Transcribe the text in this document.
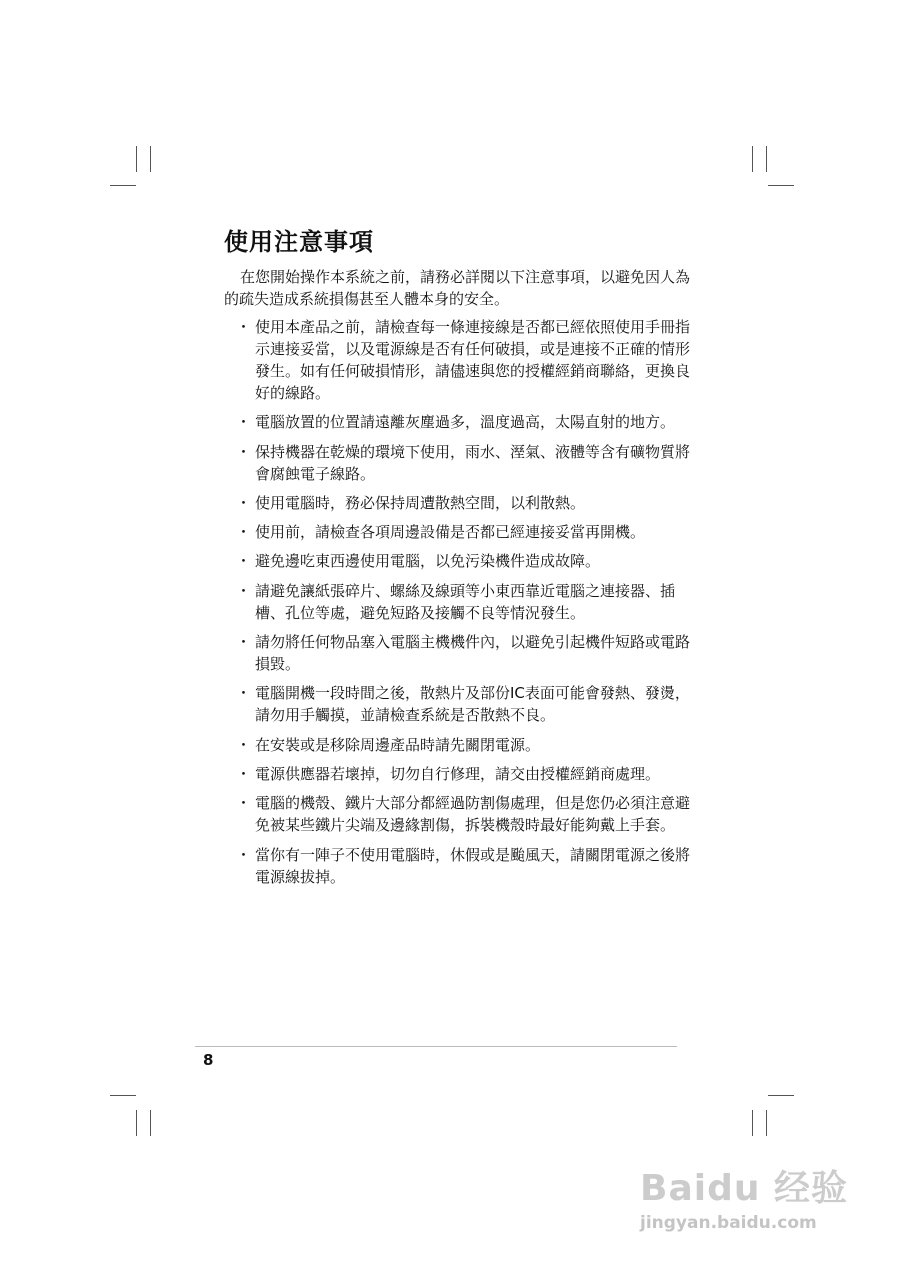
使用注意事項
在您開始操作本系統之前，請務必詳閱以下注意事項，以避免因人為
的疏失造成系統損傷甚至人體本身的安全。
・ 使用本產品之前，請檢查每一條連接線是否都已經依照使用手冊指
示連接妥當，以及電源線是否有任何破損，或是連接不正確的情形
發生。如有任何破損情形，請儘速與您的授權經銷商聯絡，更換良
好的線路。
・ 電腦放置的位置請遠離灰塵過多，溫度過高，太陽直射的地方。
・ 保持機器在乾燥的環境下使用，雨水、溼氣、液體等含有礦物質將
會腐蝕電子線路。
・ 使用電腦時，務必保持周遭散熱空間，以利散熱。
・ 使用前，請檢查各項周邊設備是否都已經連接妥當再開機。
・ 避免邊吃東西邊使用電腦，以免污染機件造成故障。
・ 請避免讓紙張碎片、螺絲及線頭等小東西靠近電腦之連接器、插
槽、孔位等處，避免短路及接觸不良等情況發生。
・ 請勿將任何物品塞入電腦主機機件內，以避免引起機件短路或電路
損毀。
・ 電腦開機一段時間之後，散熱片及部份IC表面可能會發熱、發燙，
請勿用手觸摸，並請檢查系統是否散熱不良。
・ 在安裝或是移除周邊產品時請先關閉電源。
・ 電源供應器若壞掉，切勿自行修理，請交由授權經銷商處理。
・ 電腦的機殼、鐵片大部分都經過防割傷處理，但是您仍必須注意避
免被某些鐵片尖端及邊緣割傷，拆裝機殼時最好能夠戴上手套。
・ 當你有一陣子不使用電腦時，休假或是颱風天，請關閉電源之後將
電源線拔掉。
8
Baidu 经验
jingyan.baidu.com
